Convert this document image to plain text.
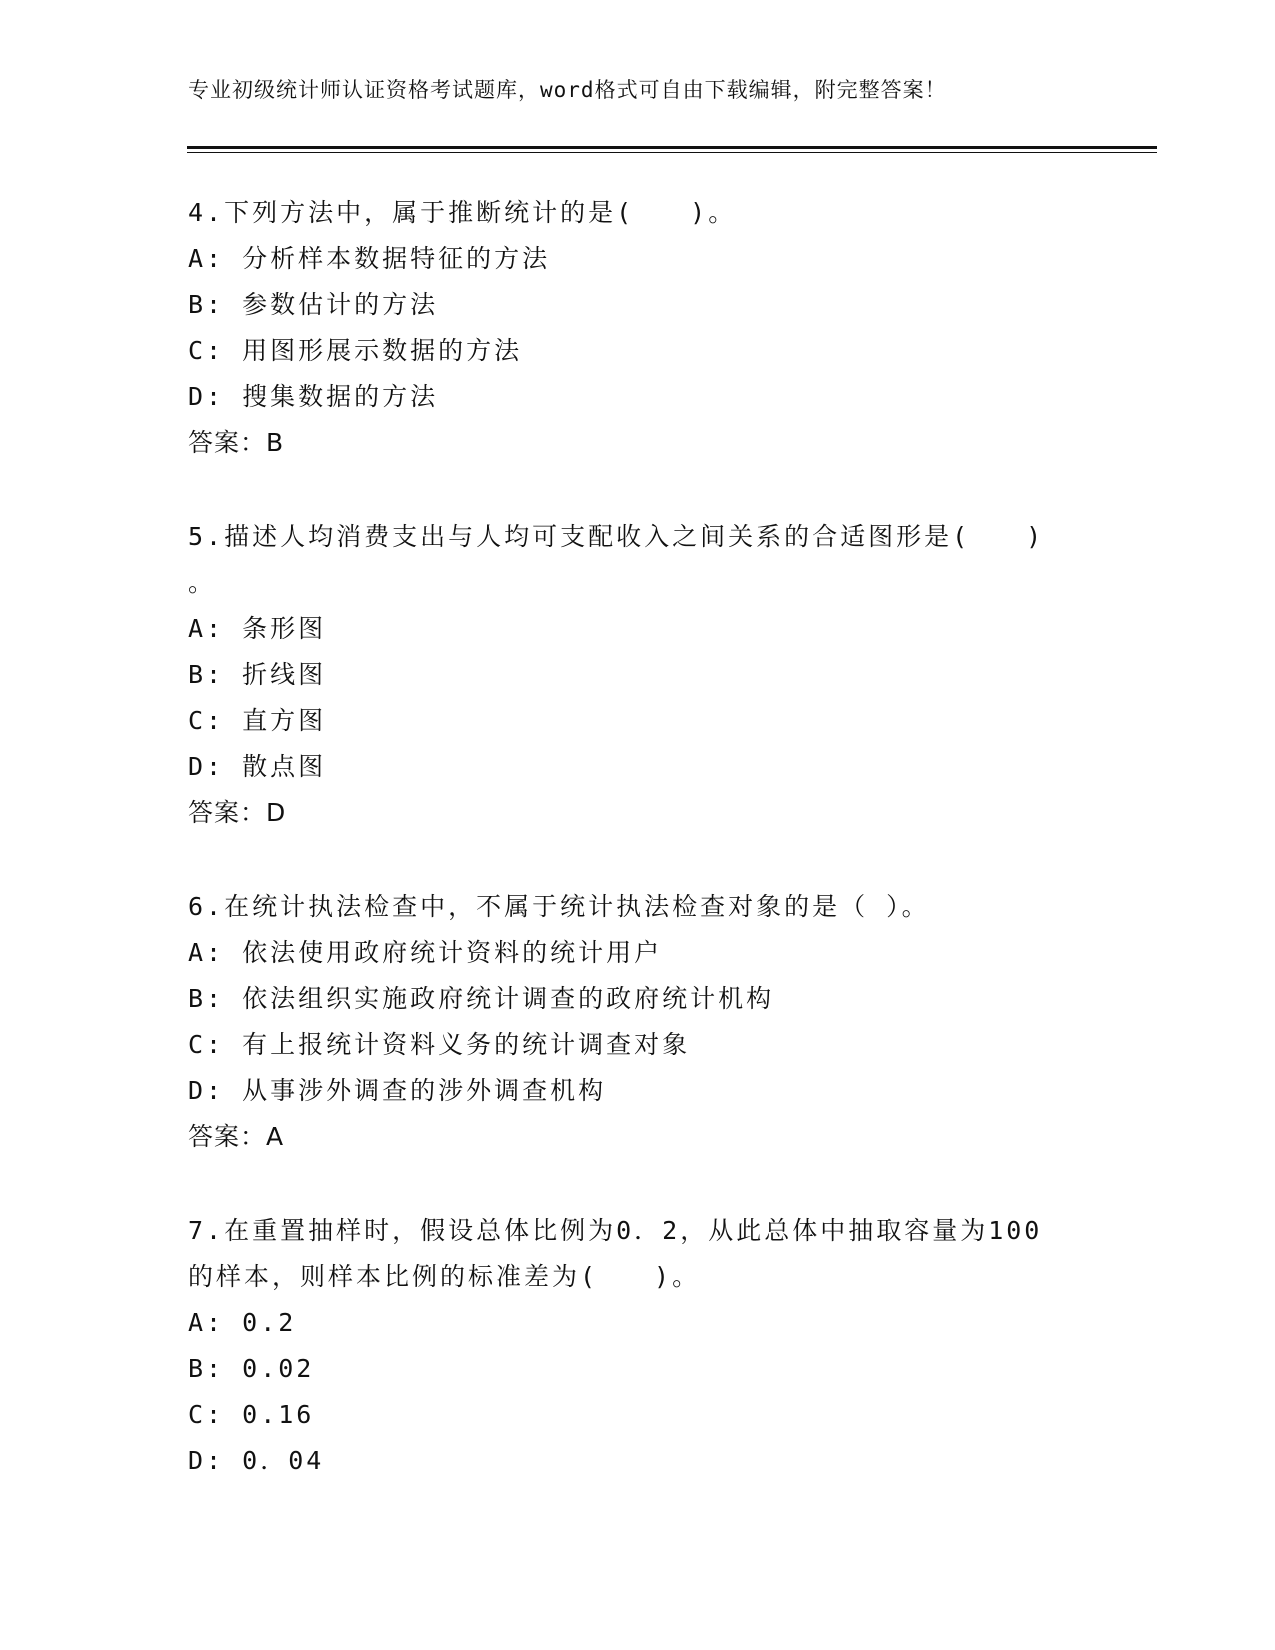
专业初级统计师认证资格考试题库，word格式可自由下载编辑，附完整答案！
4.下列方法中，属于推断统计的是(　　)。
A: 分析样本数据特征的方法
B: 参数估计的方法
C: 用图形展示数据的方法
D: 搜集数据的方法
答案：B
5.描述人均消费支出与人均可支配收入之间关系的合适图形是(　　)
。
A: 条形图
B: 折线图
C: 直方图
D: 散点图
答案：D
6.在统计执法检查中，不属于统计执法检查对象的是（ ）。
A: 依法使用政府统计资料的统计用户
B: 依法组织实施政府统计调查的政府统计机构
C: 有上报统计资料义务的统计调查对象
D: 从事涉外调查的涉外调查机构
答案：A
7.在重置抽样时，假设总体比例为0．2，从此总体中抽取容量为100
的样本，则样本比例的标准差为(　　)。
A: 0.2
B: 0.02
C: 0.16
D: 0．04
